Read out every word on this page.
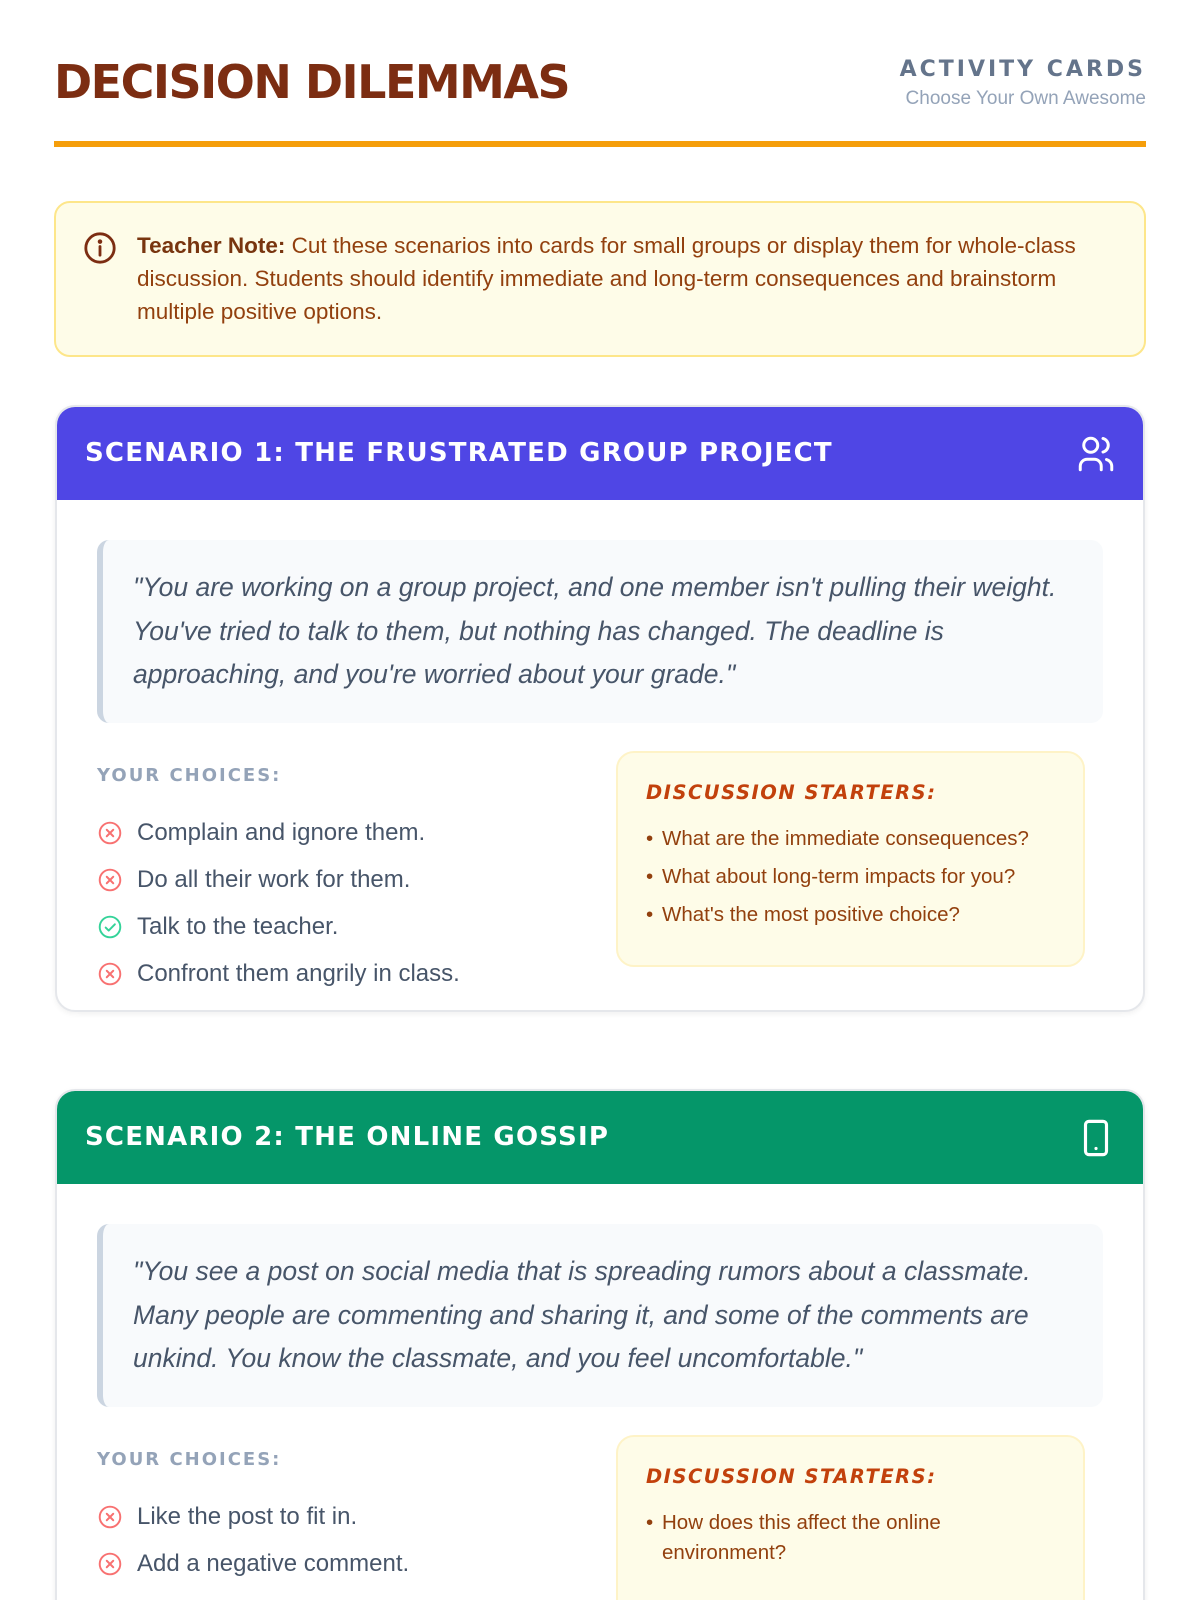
DECISION DILEMMAS	ACTIVITY CARDS
Choose Your Own Awesome

Teacher Note: Cut these scenarios into cards for small groups or display them for whole-class discussion. Students should identify immediate and long-term consequences and brainstorm multiple positive options.

SCENARIO 1: THE FRUSTRATED GROUP PROJECT
"You are working on a group project, and one member isn't pulling their weight. You've tried to talk to them, but nothing has changed. The deadline is approaching, and you're worried about your grade."
YOUR CHOICES:
Complain and ignore them.
Do all their work for them.
Talk to the teacher.
Confront them angrily in class.
DISCUSSION STARTERS:
• What are the immediate consequences?
• What about long-term impacts for you?
• What's the most positive choice?
SCENARIO 2: THE ONLINE GOSSIP
"You see a post on social media that is spreading rumors about a classmate. Many people are commenting and sharing it, and some of the comments are unkind. You know the classmate, and you feel uncomfortable."
YOUR CHOICES:
Like the post to fit in.
Add a negative comment.
DISCUSSION STARTERS:
• How does this affect the online environment?
